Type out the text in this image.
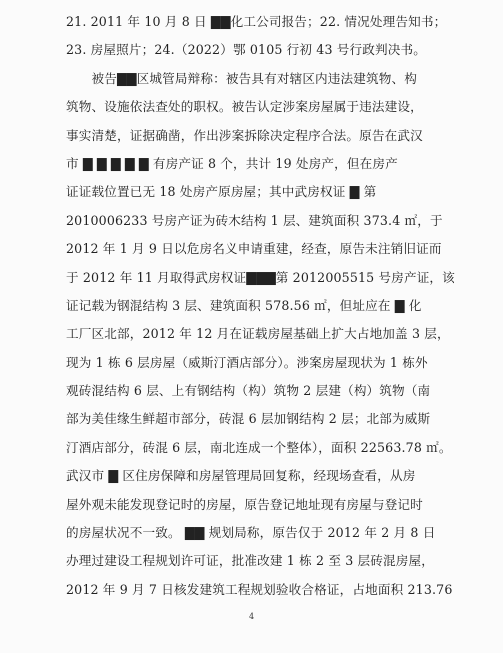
21. 2011 年 10 月 8 日 ▇▇化工公司报告；22. 情况处理告知书；
23. 房屋照片；24.（2022）鄂 0105 行初 43 号行政判决书。
　　被告▇▇区城管局辩称：被告具有对辖区内违法建筑物、构
筑物、设施依法查处的职权。被告认定涉案房屋属于违法建设，
事实清楚，证据确凿，作出涉案拆除决定程序合法。原告在武汉
市 ▇ ▇ ▇ ▇ ▇ 有房产证 8 个，共计 19 处房产，但在房产
证证载位置已无 18 处房产原房屋；其中武房权证 ▇ 第
2010006233 号房产证为砖木结构 1 层、建筑面积 373.4 ㎡，于
2012 年 1 月 9 日以危房名义申请重建，经查，原告未注销旧证而
于 2012 年 11 月取得武房权证▇▇▇第 2012005515 号房产证，该
证记载为钢混结构 3 层、建筑面积 578.56 ㎡，但址应在 ▇ 化
工厂区北部，2012 年 12 月在证载房屋基础上扩大占地加盖 3 层，
现为 1 栋 6 层房屋（威斯汀酒店部分）。涉案房屋现状为 1 栋外
观砖混结构 6 层、上有钢结构（构）筑物 2 层建（构）筑物（南
部为美佳缘生鲜超市部分，砖混 6 层加钢结构 2 层；北部为威斯
汀酒店部分，砖混 6 层，南北连成一个整体），面积 22563.78 ㎡。
武汉市 ▇ 区住房保障和房屋管理局回复称，经现场查看，从房
屋外观未能发现登记时的房屋，原告登记地址现有房屋与登记时
的房屋状况不一致。 ▇▇ 规划局称，原告仅于 2012 年 2 月 8 日
办理过建设工程规划许可证，批准改建 1 栋 2 至 3 层砖混房屋，
2012 年 9 月 7 日核发建筑工程规划验收合格证，占地面积 213.76
4
